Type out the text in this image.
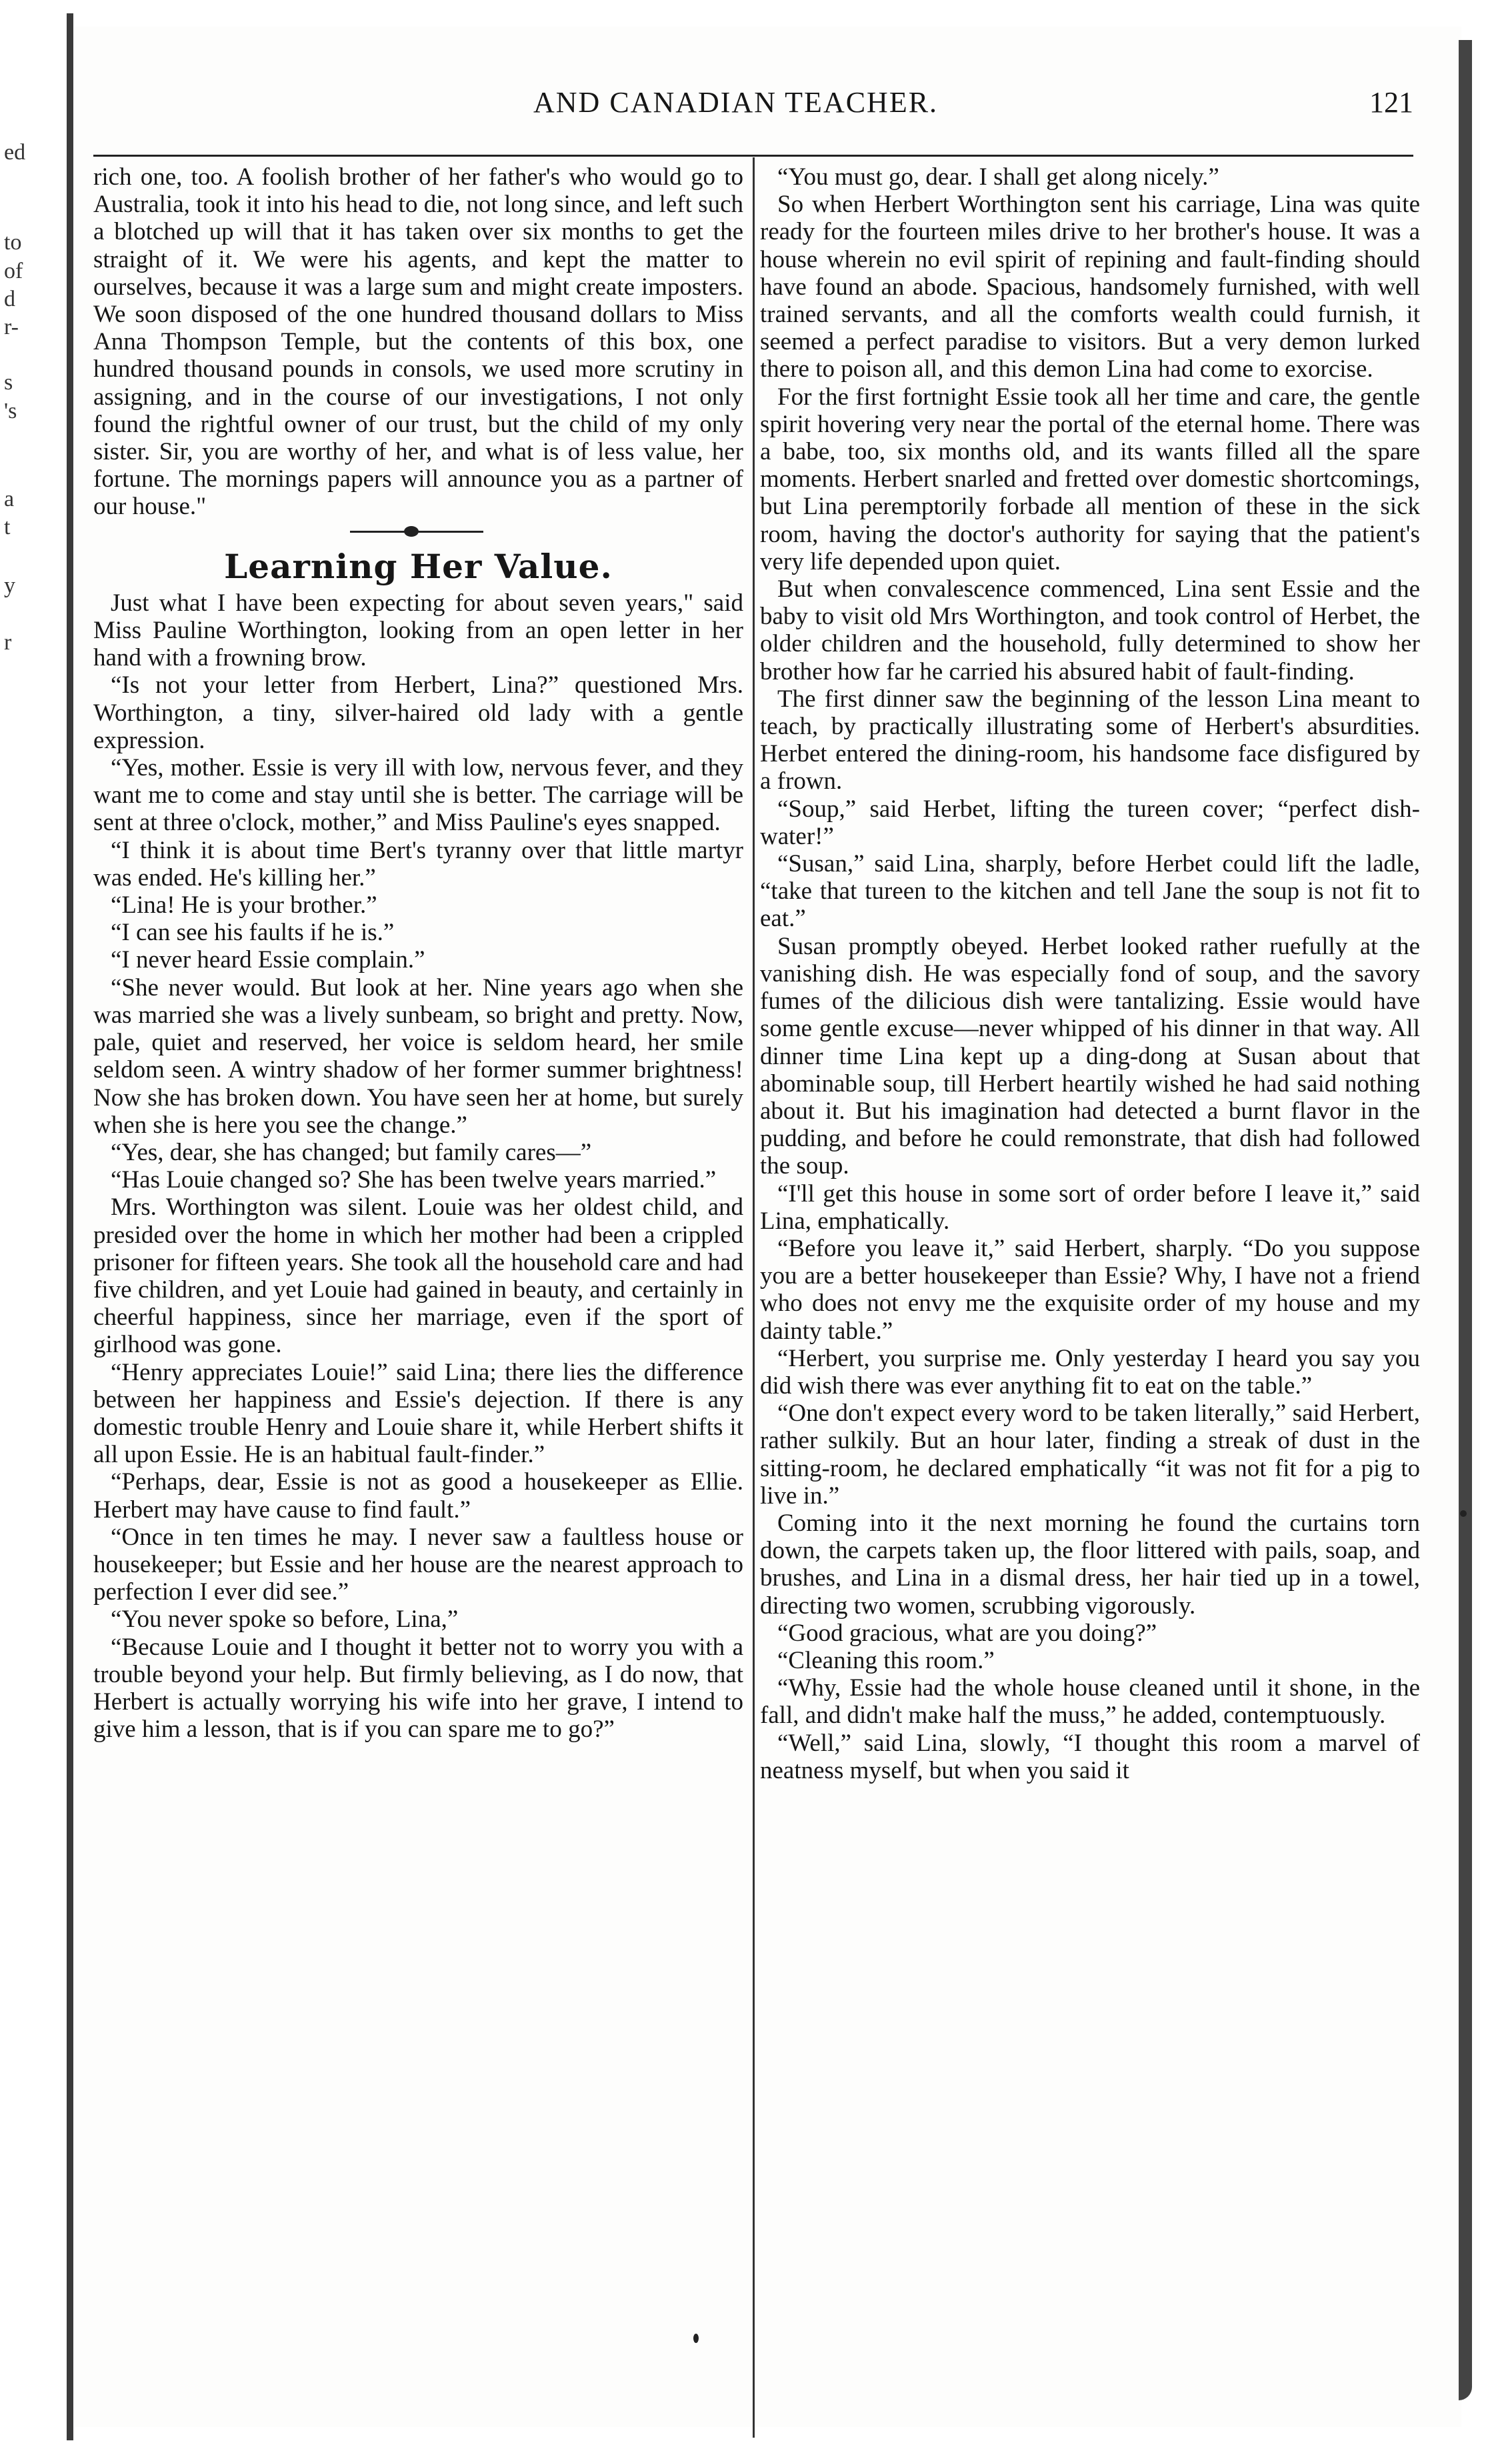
ed
to
of
d
r-
s
's
a
t
y
r
AND CANADIAN TEACHER.	121

rich one, too. A foolish brother of her father's who would go to Australia, took it into his head to die, not long since, and left such a blotched up will that it has taken over six months to get the straight of it. We were his agents, and kept the matter to ourselves, because it was a large sum and might create imposters. We soon disposed of the one hundred thousand dollars to Miss Anna Thompson Temple, but the contents of this box, one hundred thousand pounds in consols, we used more scrutiny in assigning, and in the course of our investigations, I not only found the rightful owner of our trust, but the child of my only sister. Sir, you are worthy of her, and what is of less value, her fortune. The mornings papers will announce you as a partner of our house."

Learning Her Value.

Just what I have been expecting for about seven years," said Miss Pauline Worthington, looking from an open letter in her hand with a frowning brow.

“Is not your letter from Herbert, Lina?” questioned Mrs. Worthington, a tiny, silver-haired old lady with a gentle expression.

“Yes, mother. Essie is very ill with low, nervous fever, and they want me to come and stay until she is better. The carriage will be sent at three o'clock, mother,” and Miss Pauline's eyes snapped.

“I think it is about time Bert's tyranny over that little martyr was ended. He's killing her.”

“Lina! He is your brother.”

“I can see his faults if he is.”

“I never heard Essie complain.”

“She never would. But look at her. Nine years ago when she was married she was a lively sunbeam, so bright and pretty. Now, pale, quiet and reserved, her voice is seldom heard, her smile seldom seen. A wintry shadow of her former summer brightness! Now she has broken down. You have seen her at home, but surely when she is here you see the change.”

“Yes, dear, she has changed; but family cares—”

“Has Louie changed so? She has been twelve years married.”

Mrs. Worthington was silent. Louie was her oldest child, and presided over the home in which her mother had been a crippled prisoner for fifteen years. She took all the household care and had five children, and yet Louie had gained in beauty, and certainly in cheerful happiness, since her marriage, even if the sport of girlhood was gone.

“Henry appreciates Louie!” said Lina; there lies the difference between her happiness and Essie's dejection. If there is any domestic trouble Henry and Louie share it, while Herbert shifts it all upon Essie. He is an habitual fault-finder.”

“Perhaps, dear, Essie is not as good a housekeeper as Ellie. Herbert may have cause to find fault.”

“Once in ten times he may. I never saw a faultless house or housekeeper; but Essie and her house are the nearest approach to perfection I ever did see.”

“You never spoke so before, Lina,”

“Because Louie and I thought it better not to worry you with a trouble beyond your help. But firmly believing, as I do now, that Herbert is actually worrying his wife into her grave, I intend to give him a lesson, that is if you can spare me to go?”

“You must go, dear. I shall get along nicely.”

So when Herbert Worthington sent his carriage, Lina was quite ready for the fourteen miles drive to her brother's house. It was a house wherein no evil spirit of repining and fault-finding should have found an abode. Spacious, handsomely furnished, with well trained servants, and all the comforts wealth could furnish, it seemed a perfect paradise to visitors. But a very demon lurked there to poison all, and this demon Lina had come to exorcise.

For the first fortnight Essie took all her time and care, the gentle spirit hovering very near the portal of the eternal home. There was a babe, too, six months old, and its wants filled all the spare moments. Herbert snarled and fretted over domestic shortcomings, but Lina peremptorily forbade all mention of these in the sick room, having the doctor's authority for saying that the patient's very life depended upon quiet.

But when convalescence commenced, Lina sent Essie and the baby to visit old Mrs Worthington, and took control of Herbet, the older children and the household, fully determined to show her brother how far he carried his absured habit of fault-finding.

The first dinner saw the beginning of the lesson Lina meant to teach, by practically illustrating some of Herbert's absurdities. Herbet entered the dining-room, his handsome face disfigured by a frown.

“Soup,” said Herbet, lifting the tureen cover; “perfect dish-water!”

“Susan,” said Lina, sharply, before Herbet could lift the ladle, “take that tureen to the kitchen and tell Jane the soup is not fit to eat.”

Susan promptly obeyed. Herbet looked rather ruefully at the vanishing dish. He was especially fond of soup, and the savory fumes of the dilicious dish were tantalizing. Essie would have some gentle excuse—never whipped of his dinner in that way. All dinner time Lina kept up a ding-dong at Susan about that abominable soup, till Herbert heartily wished he had said nothing about it. But his imagination had detected a burnt flavor in the pudding, and before he could remonstrate, that dish had followed the soup.

“I'll get this house in some sort of order before I leave it,” said Lina, emphatically.

“Before you leave it,” said Herbert, sharply. “Do you suppose you are a better housekeeper than Essie? Why, I have not a friend who does not envy me the exquisite order of my house and my dainty table.”

“Herbert, you surprise me. Only yesterday I heard you say you did wish there was ever anything fit to eat on the table.”

“One don't expect every word to be taken literally,” said Herbert, rather sulkily. But an hour later, finding a streak of dust in the sitting-room, he declared emphatically “it was not fit for a pig to live in.”

Coming into it the next morning he found the curtains torn down, the carpets taken up, the floor littered with pails, soap, and brushes, and Lina in a dismal dress, her hair tied up in a towel, directing two women, scrubbing vigorously.

“Good gracious, what are you doing?”

“Cleaning this room.”

“Why, Essie had the whole house cleaned until it shone, in the fall, and didn't make half the muss,” he added, contemptuously.

“Well,” said Lina, slowly, “I thought this room a marvel of neatness myself, but when you said it
